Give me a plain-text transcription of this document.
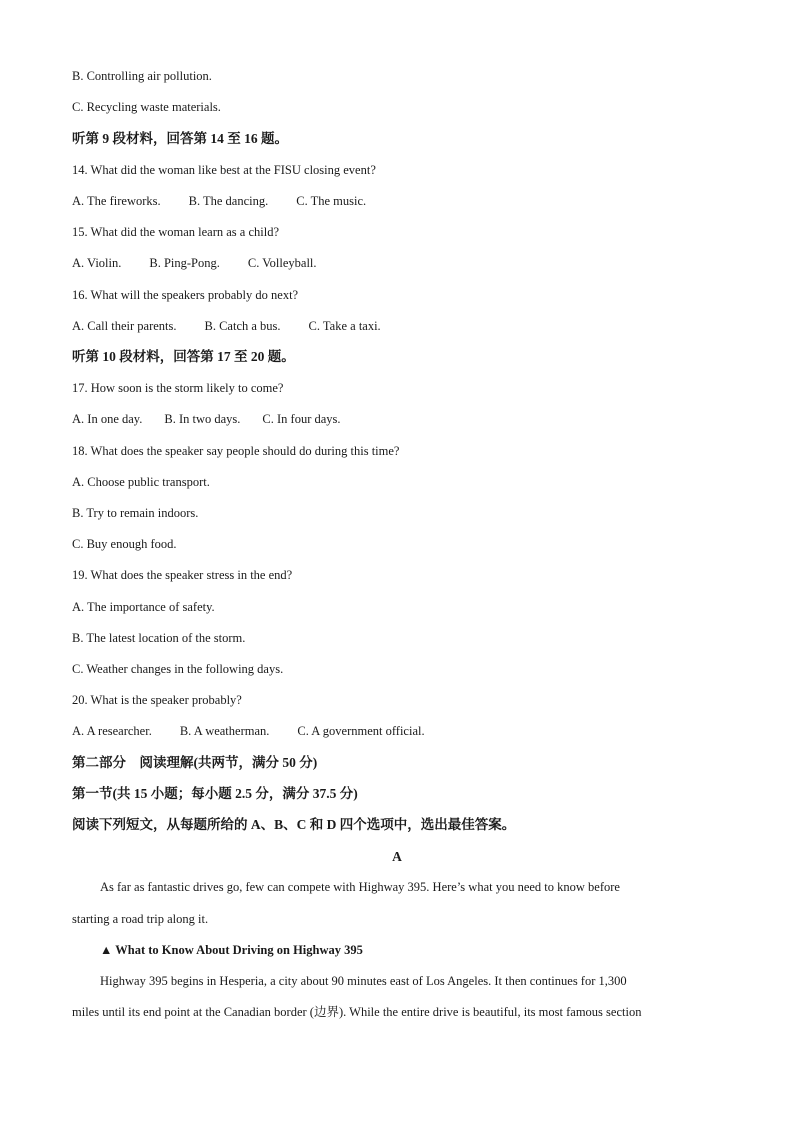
B. Controlling air pollution.
C. Recycling waste materials.
听第 9 段材料，回答第 14 至 16 题。
14. What did the woman like best at the FISU closing event?
A. The fireworks. B. The dancing. C. The music.
15. What did the woman learn as a child?
A. Violin. B. Ping-Pong. C. Volleyball.
16. What will the speakers probably do next?
A. Call their parents. B. Catch a bus. C. Take a taxi.
听第 10 段材料，回答第 17 至 20 题。
17. How soon is the storm likely to come?
A. In one day. B. In two days. C. In four days.
18. What does the speaker say people should do during this time?
A. Choose public transport.
B. Try to remain indoors.
C. Buy enough food.
19. What does the speaker stress in the end?
A. The importance of safety.
B. The latest location of the storm.
C. Weather changes in the following days.
20. What is the speaker probably?
A. A researcher. B. A weatherman. C. A government official.
第二部分　阅读理解(共两节，满分 50 分)
第一节(共 15 小题；每小题 2.5 分，满分 37.5 分)
阅读下列短文，从每题所给的 A、B、C 和 D 四个选项中，选出最佳答案。
A
As far as fantastic drives go, few can compete with Highway 395. Here’s what you need to know before
starting a road trip along it.
▲ What to Know About Driving on Highway 395
Highway 395 begins in Hesperia, a city about 90 minutes east of Los Angeles. It then continues for 1,300
miles until its end point at the Canadian border (边界). While the entire drive is beautiful, its most famous section
